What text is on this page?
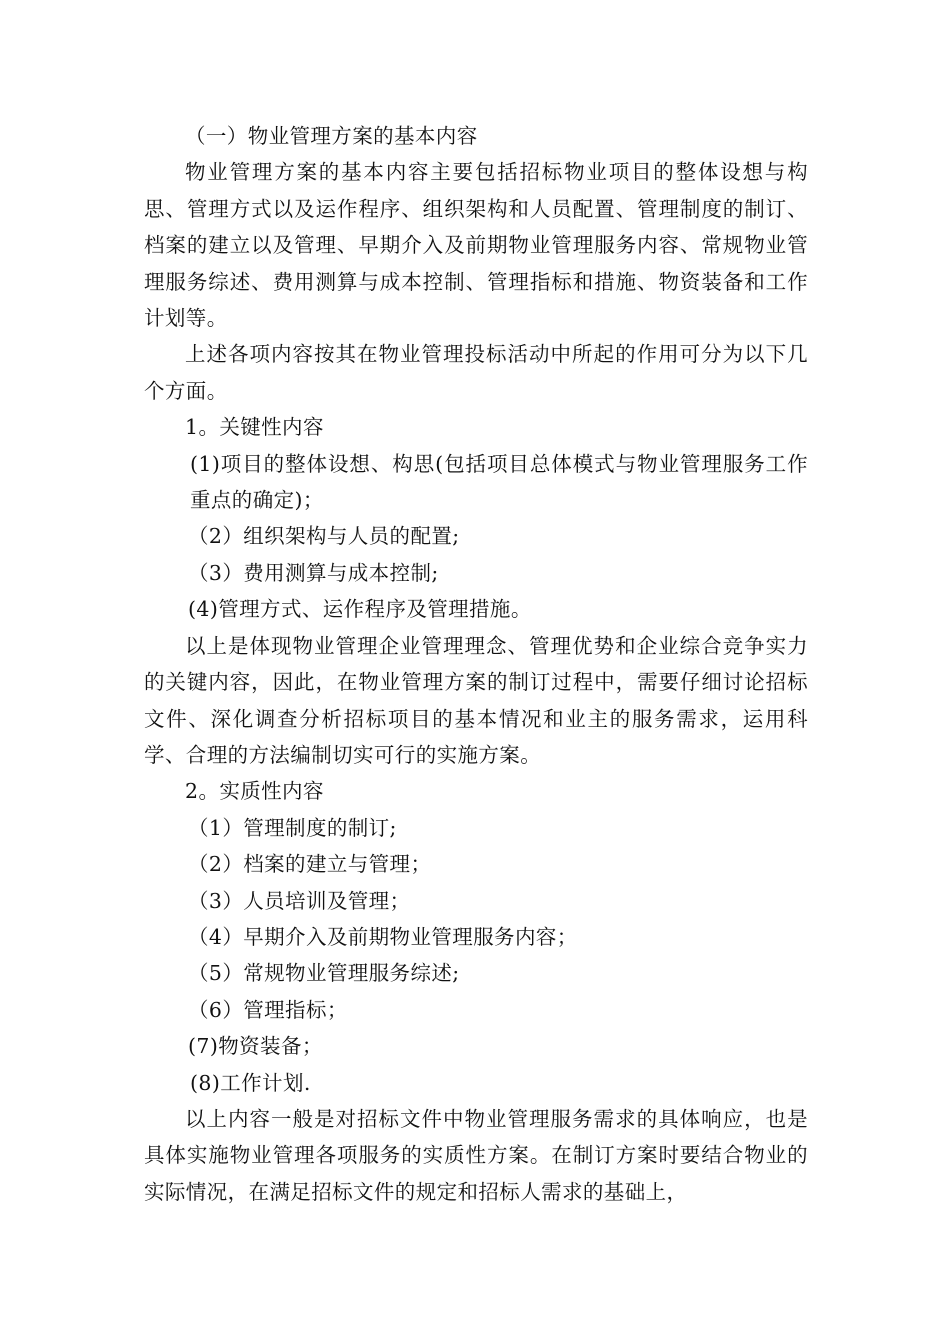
（一）物业管理方案的基本内容

物业管理方案的基本内容主要包括招标物业项目的整体设想与构思、管理方式以及运作程序、组织架构和人员配置、管理制度的制订、档案的建立以及管理、早期介入及前期物业管理服务内容、常规物业管理服务综述、费用测算与成本控制、管理指标和措施、物资装备和工作计划等。

上述各项内容按其在物业管理投标活动中所起的作用可分为以下几个方面。

1。关键性内容

(1)项目的整体设想、构思(包括项目总体模式与物业管理服务工作重点的确定)；

（2）组织架构与人员的配置;

（3）费用测算与成本控制;

(4)管理方式、运作程序及管理措施。

以上是体现物业管理企业管理理念、管理优势和企业综合竞争实力的关键内容，因此，在物业管理方案的制订过程中，需要仔细讨论招标文件、深化调查分析招标项目的基本情况和业主的服务需求，运用科学、合理的方法编制切实可行的实施方案。

2。实质性内容

（1）管理制度的制订;

（2）档案的建立与管理；

（3）人员培训及管理；

（4）早期介入及前期物业管理服务内容；

（5）常规物业管理服务综述;

（6）管理指标；

(7)物资装备；

(8)工作计划.

以上内容一般是对招标文件中物业管理服务需求的具体响应，也是具体实施物业管理各项服务的实质性方案。在制订方案时要结合物业的实际情况，在满足招标文件的规定和招标人需求的基础上，
